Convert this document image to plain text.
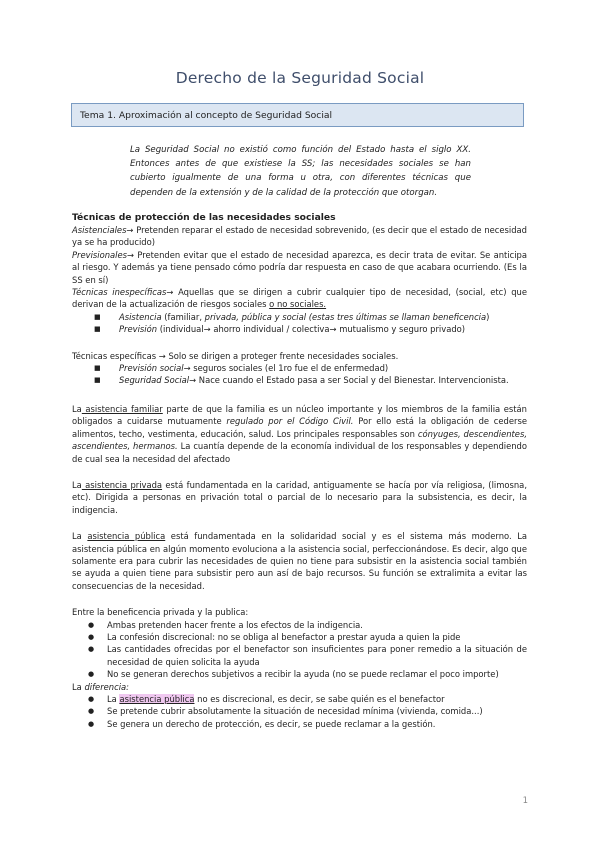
Derecho de la Seguridad Social
Tema 1. Aproximación al concepto de Seguridad Social
La Seguridad Social no existió como función del Estado hasta el siglo XX. Entonces antes de que existiese la SS; las necesidades sociales se han cubierto igualmente de una forma u otra, con diferentes técnicas que dependen de la extensión y de la calidad de la protección que otorgan.

Técnicas de protección de las necesidades sociales

Asistenciales→ Pretenden reparar el estado de necesidad sobrevenido, (es decir que el estado de necesidad ya se ha producido)

Previsionales→ Pretenden evitar que el estado de necesidad aparezca, es decir trata de evitar. Se anticipa al riesgo. Y además ya tiene pensado cómo podría dar respuesta en caso de que acabara ocurriendo. (Es la SS en sí)

Técnicas inespecíficas→ Aquellas que se dirigen a cubrir cualquier tipo de necesidad, (social, etc) que derivan de la actualización de riesgos sociales o no sociales.

■ Asistencia (familiar, privada, pública y social (estas tres últimas se llaman beneficencia)
■ Previsión (individual→ ahorro individual / colectiva→ mutualismo y seguro privado)

Técnicas específicas → Solo se dirigen a proteger frente necesidades sociales.

■ Previsión social→ seguros sociales (el 1ro fue el de enfermedad)
■ Seguridad Social→ Nace cuando el Estado pasa a ser Social y del Bienestar. Intervencionista.

La asistencia familiar parte de que la familia es un núcleo importante y los miembros de la familia están obligados a cuidarse mutuamente regulado por el Código Civil. Por ello está la obligación de cederse alimentos, techo, vestimenta, educación, salud. Los principales responsables son cónyuges, descendientes, ascendientes, hermanos. La cuantía depende de la economía individual de los responsables y dependiendo de cual sea la necesidad del afectado

La asistencia privada está fundamentada en la caridad, antiguamente se hacía por vía religiosa, (limosna, etc). Dirigida a personas en privación total o parcial de lo necesario para la subsistencia, es decir, la indigencia.

La asistencia pública está fundamentada en la solidaridad social y es el sistema más moderno. La asistencia pública en algún momento evoluciona a la asistencia social, perfeccionándose. Es decir, algo que solamente era para cubrir las necesidades de quien no tiene para subsistir en la asistencia social también se ayuda a quien tiene para subsistir pero aun así de bajo recursos. Su función se extralimita a evitar las consecuencias de la necesidad.

Entre la beneficencia privada y la publica:

● Ambas pretenden hacer frente a los efectos de la indigencia.
● La confesión discrecional: no se obliga al benefactor a prestar ayuda a quien la pide
● Las cantidades ofrecidas por el benefactor son insuficientes para poner remedio a la situación de necesidad de quien solicita la ayuda
● No se generan derechos subjetivos a recibir la ayuda (no se puede reclamar el poco importe)

La diferencia:

● La asistencia pública no es discrecional, es decir, se sabe quién es el benefactor
● Se pretende cubrir absolutamente la situación de necesidad mínima (vivienda, comida...)
● Se genera un derecho de protección, es decir, se puede reclamar a la gestión.
1
